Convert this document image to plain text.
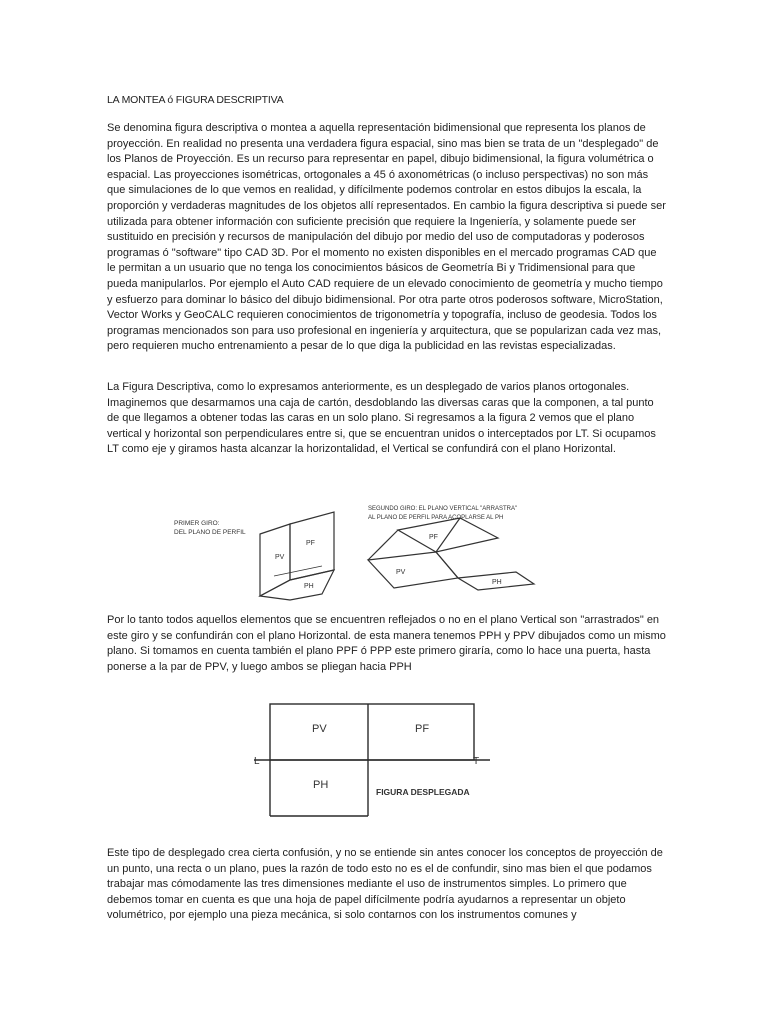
LA MONTEA ó FIGURA DESCRIPTIVA

Se denomina figura descriptiva o montea a aquella representación bidimensional que representa los planos de proyección. En realidad no presenta una verdadera figura espacial, sino mas bien se trata de un "desplegado" de los Planos de Proyección. Es un recurso para representar en papel, dibujo bidimensional, la figura volumétrica o espacial. Las proyecciones isométricas, ortogonales a 45 ó axonométricas (o incluso perspectivas) no son más que simulaciones de lo que vemos en realidad, y difícilmente podemos controlar en estos dibujos la escala, la proporción y verdaderas magnitudes de los objetos allí representados. En cambio la figura descriptiva si puede ser utilizada para obtener información con suficiente precisión que requiere la Ingeniería, y solamente puede ser sustituido en precisión y recursos de manipulación del dibujo por medio del uso de computadoras y poderosos programas ó "software" tipo CAD 3D. Por el momento no existen disponibles en el mercado programas CAD que le permitan a un usuario que no tenga los conocimientos básicos de Geometría Bi y Tridimensional para que pueda manipularlos. Por ejemplo el Auto CAD requiere de un elevado conocimiento de geometría y mucho tiempo y esfuerzo para dominar lo básico del dibujo bidimensional. Por otra parte otros poderosos software, MicroStation, Vector Works y GeoCALC requieren conocimientos de trigonometría y topografía, incluso de geodesia. Todos los programas mencionados son para uso profesional en ingeniería y arquitectura, que se popularizan cada vez mas, pero requieren mucho entrenamiento a pesar de lo que diga la publicidad en las revistas especializadas.

La Figura Descriptiva, como lo expresamos anteriormente, es un desplegado de varios planos ortogonales. Imaginemos que desarmamos una caja de cartón, desdoblando las diversas caras que la componen, a tal punto de que llegamos a obtener todas las caras en un solo plano. Si regresamos a la figura 2 vemos que el plano vertical y horizontal son perpendiculares entre si, que se encuentran unidos o interceptados por LT. Si ocupamos LT como eje y giramos hasta alcanzar la horizontalidad, el Vertical se confundirá con el plano Horizontal.

PRIMER GIRO:
DEL PLANO DE PERFIL
PV
PF
PH
SEGUNDO GIRO: EL PLANO VERTICAL "ARRASTRA"
AL PLANO DE PERFIL PARA ACOPLARSE AL PH
PF
PV
PH

Por lo tanto todos aquellos elementos que se encuentren reflejados o no en el plano Vertical son "arrastrados" en este giro y se confundirán con el plano Horizontal. de esta manera tenemos PPH y PPV dibujados como un mismo plano. Si tomamos en cuenta también el plano PPF ó PPP este primero giraría, como lo hace una puerta, hasta ponerse a la par de PPV, y luego ambos se pliegan hacia PPH

PV	PF
PH
L	T
FIGURA DESPLEGADA

Este tipo de desplegado crea cierta confusión, y no se entiende sin antes conocer los conceptos de proyección de un punto, una recta o un plano, pues la razón de todo esto no es el de confundir, sino mas bien el que podamos trabajar mas cómodamente las tres dimensiones mediante el uso de instrumentos simples. Lo primero que debemos tomar en cuenta es que una hoja de papel difícilmente podría ayudarnos a representar un objeto volumétrico, por ejemplo una pieza mecánica, si solo contarnos con los instrumentos comunes y
